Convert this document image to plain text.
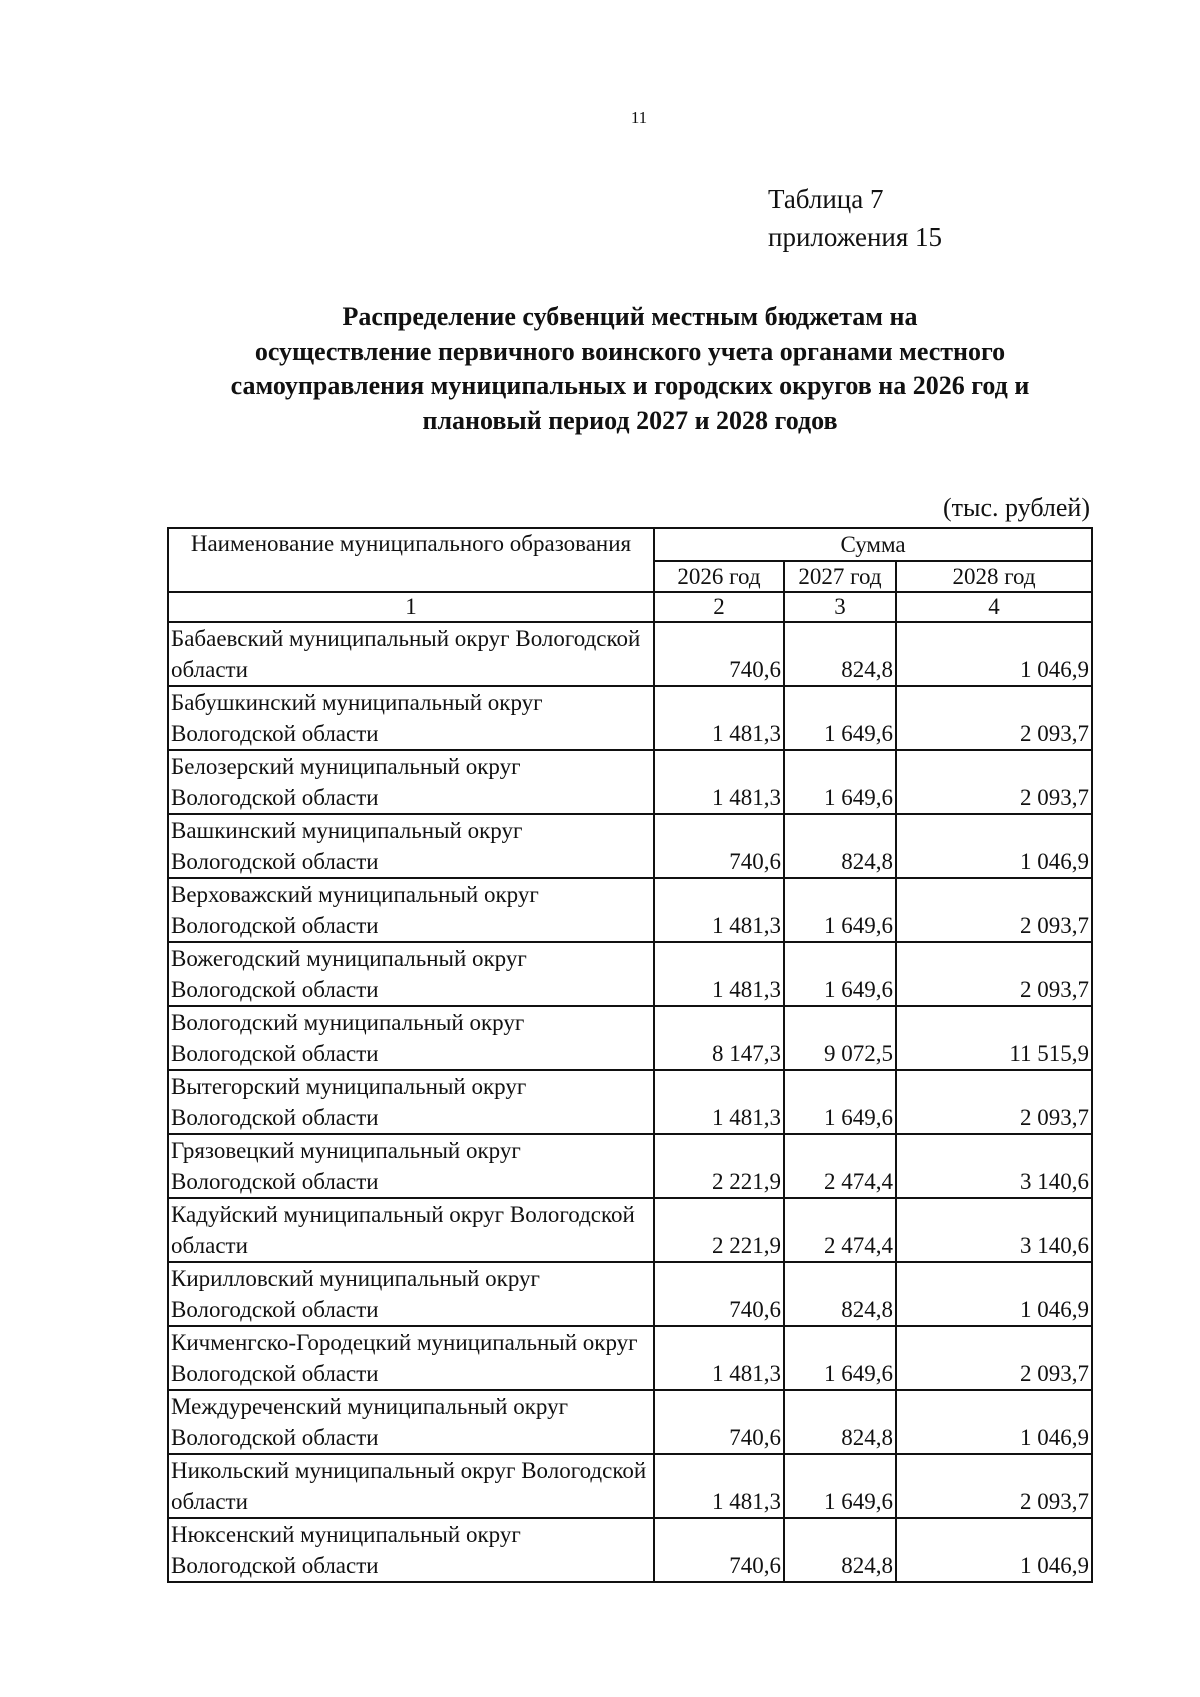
11
Таблица 7
приложения 15
Распределение субвенций местным бюджетам на
осуществление первичного воинского учета органами местного
самоуправления муниципальных и городских округов на 2026 год и
плановый период 2027 и 2028 годов
(тыс. рублей)
Наименование муниципального образования	Сумма		
	2026 год	2027 год	2028 год
1	2	3	4
Бабаевский муниципальный округ Вологодской области	740,6	824,8	1 046,9
Бабушкинский муниципальный округ Вологодской области	1 481,3	1 649,6	2 093,7
Белозерский муниципальный округ Вологодской области	1 481,3	1 649,6	2 093,7
Вашкинский муниципальный округ Вологодской области	740,6	824,8	1 046,9
Верховажский муниципальный округ Вологодской области	1 481,3	1 649,6	2 093,7
Вожегодский муниципальный округ Вологодской области	1 481,3	1 649,6	2 093,7
Вологодский муниципальный округ Вологодской области	8 147,3	9 072,5	11 515,9
Вытегорский муниципальный округ Вологодской области	1 481,3	1 649,6	2 093,7
Грязовецкий муниципальный округ Вологодской области	2 221,9	2 474,4	3 140,6
Кадуйский муниципальный округ Вологодской области	2 221,9	2 474,4	3 140,6
Кирилловский муниципальный округ Вологодской области	740,6	824,8	1 046,9
Кичменгско-Городецкий муниципальный округ Вологодской области	1 481,3	1 649,6	2 093,7
Междуреченский муниципальный округ Вологодской области	740,6	824,8	1 046,9
Никольский муниципальный округ Вологодской области	1 481,3	1 649,6	2 093,7
Нюксенский муниципальный округ Вологодской области	740,6	824,8	1 046,9
